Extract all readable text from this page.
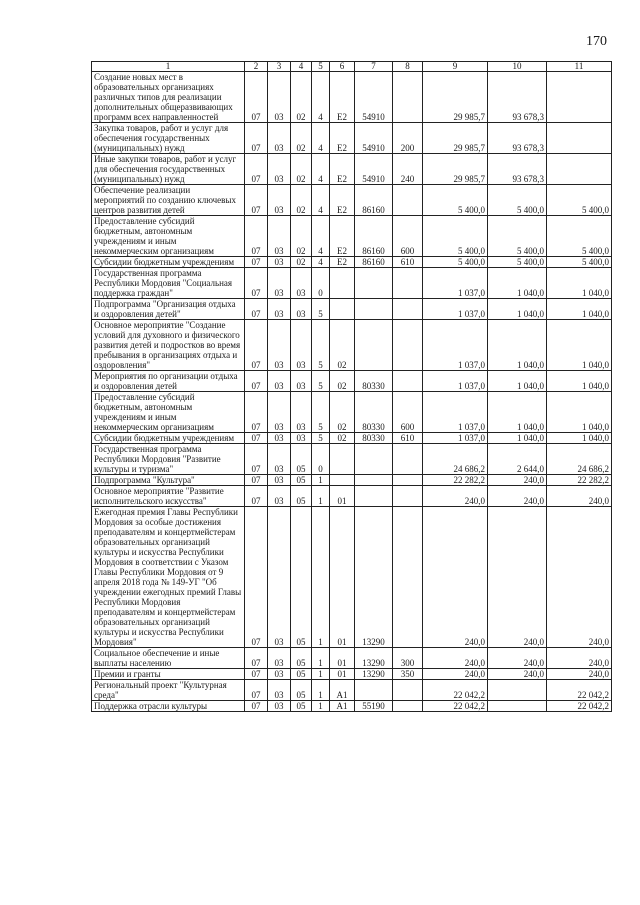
170
1	2	3	4	5	6	7	8	9	10	11
Создание новых мест в образовательных организациях различных типов для реализации дополнительных общеразвивающих программ всех направленностей	07	03	02	4	E2	54910		29 985,7	93 678,3	
Закупка товаров, работ и услуг для обеспечения государственных (муниципальных) нужд	07	03	02	4	E2	54910	200	29 985,7	93 678,3	
Иные закупки товаров, работ и услуг для обеспечения государственных (муниципальных) нужд	07	03	02	4	E2	54910	240	29 985,7	93 678,3	
Обеспечение реализации мероприятий по созданию ключевых центров развития детей	07	03	02	4	E2	86160		5 400,0	5 400,0	5 400,0
Предоставление субсидий бюджетным, автономным учреждениям и иным некоммерческим организациям	07	03	02	4	E2	86160	600	5 400,0	5 400,0	5 400,0
Субсидии бюджетным учреждениям	07	03	02	4	E2	86160	610	5 400,0	5 400,0	5 400,0
Государственная программа Республики Мордовия "Социальная поддержка граждан"	07	03	03	0				1 037,0	1 040,0	1 040,0
Подпрограмма "Организация отдыха и оздоровления детей"	07	03	03	5				1 037,0	1 040,0	1 040,0
Основное мероприятие "Создание условий для духовного и физического развития детей и подростков во время пребывания в организациях отдыха и оздоровления"	07	03	03	5	02			1 037,0	1 040,0	1 040,0
Мероприятия по организации отдыха и оздоровления детей	07	03	03	5	02	80330		1 037,0	1 040,0	1 040,0
Предоставление субсидий бюджетным, автономным учреждениям и иным некоммерческим организациям	07	03	03	5	02	80330	600	1 037,0	1 040,0	1 040,0
Субсидии бюджетным учреждениям	07	03	03	5	02	80330	610	1 037,0	1 040,0	1 040,0
Государственная программа Республики Мордовия "Развитие культуры и туризма"	07	03	05	0				24 686,2	2 644,0	24 686,2
Подпрограмма "Культура"	07	03	05	1				22 282,2	240,0	22 282,2
Основное мероприятие "Развитие исполнительского искусства"	07	03	05	1	01			240,0	240,0	240,0
Ежегодная премия Главы Республики Мордовия за особые достижения преподавателям и концертмейстерам образовательных организаций культуры и искусства Республики Мордовия в соответствии с Указом Главы Республики Мордовия от 9 апреля 2018 года № 149-УГ "Об учреждении ежегодных премий Главы Республики Мордовия преподавателям и концертмейстерам образовательных организаций культуры и искусства Республики Мордовия"	07	03	05	1	01	13290		240,0	240,0	240,0
Социальное обеспечение и иные выплаты населению	07	03	05	1	01	13290	300	240,0	240,0	240,0
Премии и гранты	07	03	05	1	01	13290	350	240,0	240,0	240,0
Региональный проект "Культурная среда"	07	03	05	1	A1			22 042,2		22 042,2
Поддержка отрасли культуры	07	03	05	1	A1	55190		22 042,2		22 042,2
